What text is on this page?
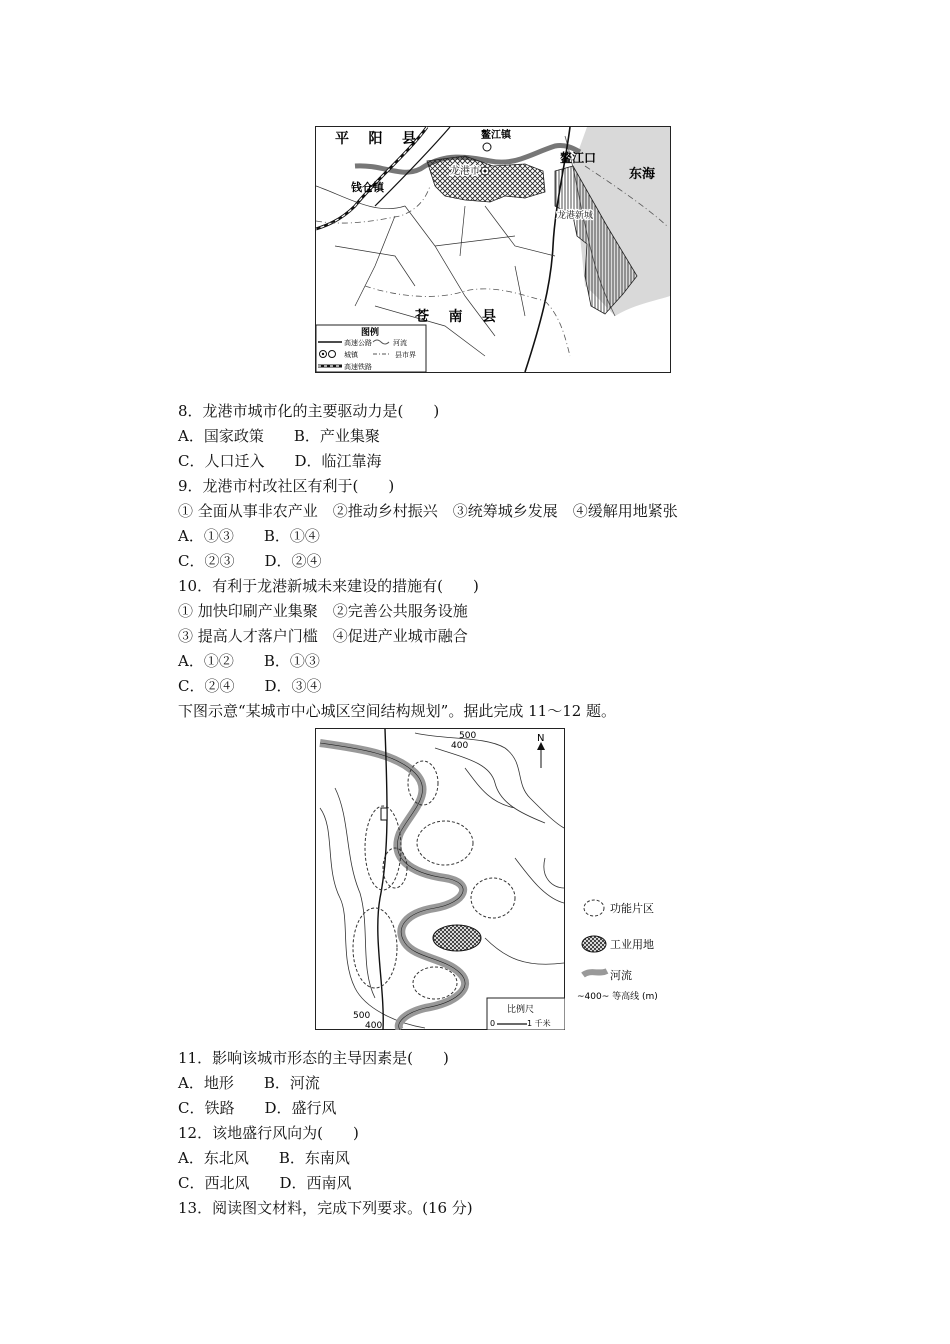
平    阳    县	鳌江镇
鳌江口
东海
龙港市
钱仓镇
龙港新城
苍    南    县
图例
高速公路	河流
城镇	县市界
高速铁路
8．龙港市城市化的主要驱动力是(　　)
A．国家政策　　B．产业集聚
C．人口迁入　　D．临江靠海
9．龙港市村改社区有利于(　　)
① 全面从事非农产业　②推动乡村振兴　③统筹城乡发展　④缓解用地紧张
A．①③　　B．①④
C．②③　　D．②④
10．有利于龙港新城未来建设的措施有(　　)
① 加快印刷产业集聚　②完善公共服务设施
③ 提高人才落户门槛　④促进产业城市融合
A．①②　　B．①③
C．②④　　D．③④
下图示意“某城市中心城区空间结构规划”。据此完成 11～12 题。
N
500
400
500
400
比例尺
0	1 千米
功能片区
工业用地
河流
~400~ 等高线 (m)
11．影响该城市形态的主导因素是(　　)
A．地形　　B．河流
C．铁路　　D．盛行风
12．该地盛行风向为(　　)
A．东北风　　B．东南风
C．西北风　　D．西南风
13．阅读图文材料，完成下列要求。(16 分)
